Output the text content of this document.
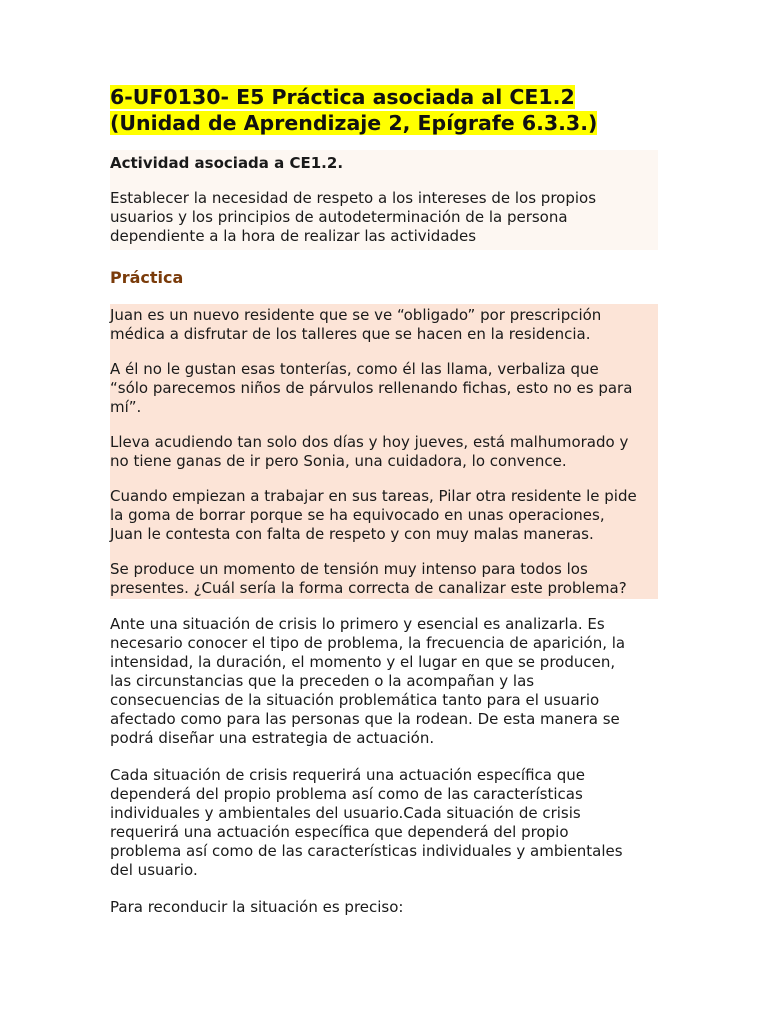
6-UF0130- E5 Práctica asociada al CE1.2
(Unidad de Aprendizaje 2, Epígrafe 6.3.3.)

Actividad asociada a CE1.2.

Establecer la necesidad de respeto a los intereses de los propios
usuarios y los principios de autodeterminación de la persona
dependiente a la hora de realizar las actividades

Práctica

Juan es un nuevo residente que se ve “obligado” por prescripción
médica a disfrutar de los talleres que se hacen en la residencia.

A él no le gustan esas tonterías, como él las llama, verbaliza que
“sólo parecemos niños de párvulos rellenando fichas, esto no es para
mí”.

Lleva acudiendo tan solo dos días y hoy jueves, está malhumorado y
no tiene ganas de ir pero Sonia, una cuidadora, lo convence.

Cuando empiezan a trabajar en sus tareas, Pilar otra residente le pide
la goma de borrar porque se ha equivocado en unas operaciones,
Juan le contesta con falta de respeto y con muy malas maneras.

Se produce un momento de tensión muy intenso para todos los
presentes. ¿Cuál sería la forma correcta de canalizar este problema?

Ante una situación de crisis lo primero y esencial es analizarla. Es
necesario conocer el tipo de problema, la frecuencia de aparición, la
intensidad, la duración, el momento y el lugar en que se producen,
las circunstancias que la preceden o la acompañan y las
consecuencias de la situación problemática tanto para el usuario
afectado como para las personas que la rodean. De esta manera se
podrá diseñar una estrategia de actuación.

Cada situación de crisis requerirá una actuación específica que
dependerá del propio problema así como de las características
individuales y ambientales del usuario.Cada situación de crisis
requerirá una actuación específica que dependerá del propio
problema así como de las características individuales y ambientales
del usuario.

Para reconducir la situación es preciso:
